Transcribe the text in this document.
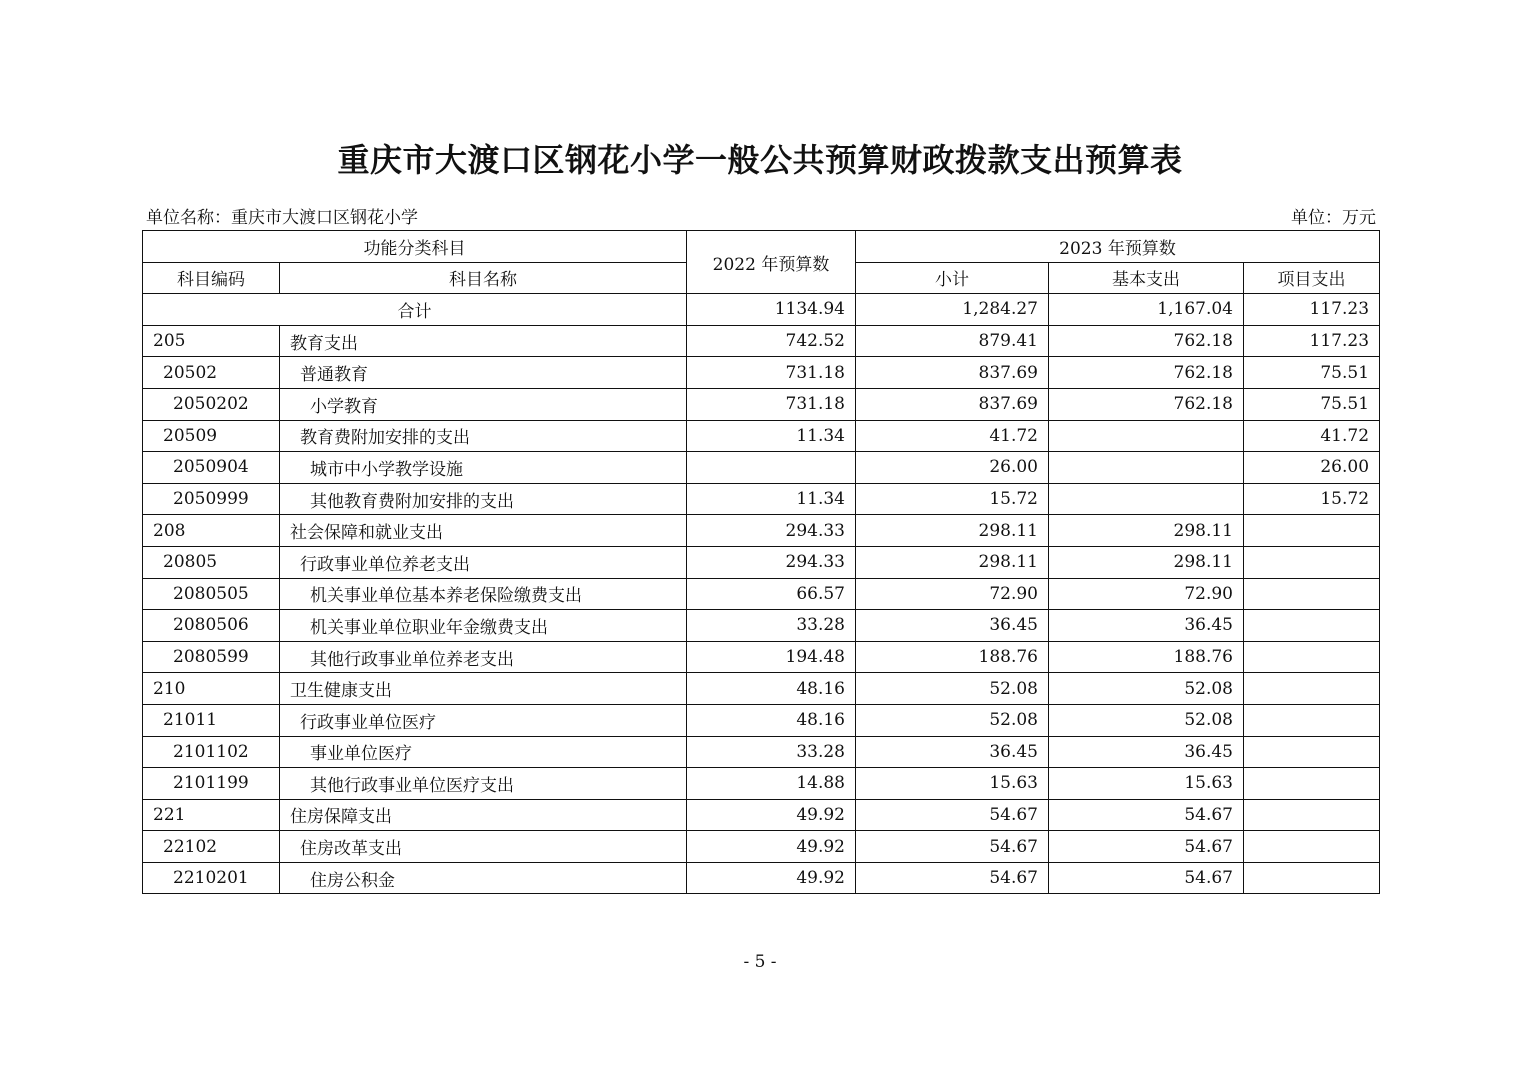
重庆市大渡口区钢花小学一般公共预算财政拨款支出预算表
单位名称：重庆市大渡口区钢花小学	单位：万元
功能分类科目		2022 年预算数	2023 年预算数		
科目编码	科目名称		小计	基本支出	项目支出
合计		1134.94	1,284.27	1,167.04	117.23
205	教育支出	742.52	879.41	762.18	117.23
20502	普通教育	731.18	837.69	762.18	75.51
2050202	小学教育	731.18	837.69	762.18	75.51
20509	教育费附加安排的支出	11.34	41.72		41.72
2050904	城市中小学教学设施		26.00		26.00
2050999	其他教育费附加安排的支出	11.34	15.72		15.72
208	社会保障和就业支出	294.33	298.11	298.11	
20805	行政事业单位养老支出	294.33	298.11	298.11	
2080505	机关事业单位基本养老保险缴费支出	66.57	72.90	72.90	
2080506	机关事业单位职业年金缴费支出	33.28	36.45	36.45	
2080599	其他行政事业单位养老支出	194.48	188.76	188.76	
210	卫生健康支出	48.16	52.08	52.08	
21011	行政事业单位医疗	48.16	52.08	52.08	
2101102	事业单位医疗	33.28	36.45	36.45	
2101199	其他行政事业单位医疗支出	14.88	15.63	15.63	
221	住房保障支出	49.92	54.67	54.67	
22102	住房改革支出	49.92	54.67	54.67	
2210201	住房公积金	49.92	54.67	54.67	
- 5 -
